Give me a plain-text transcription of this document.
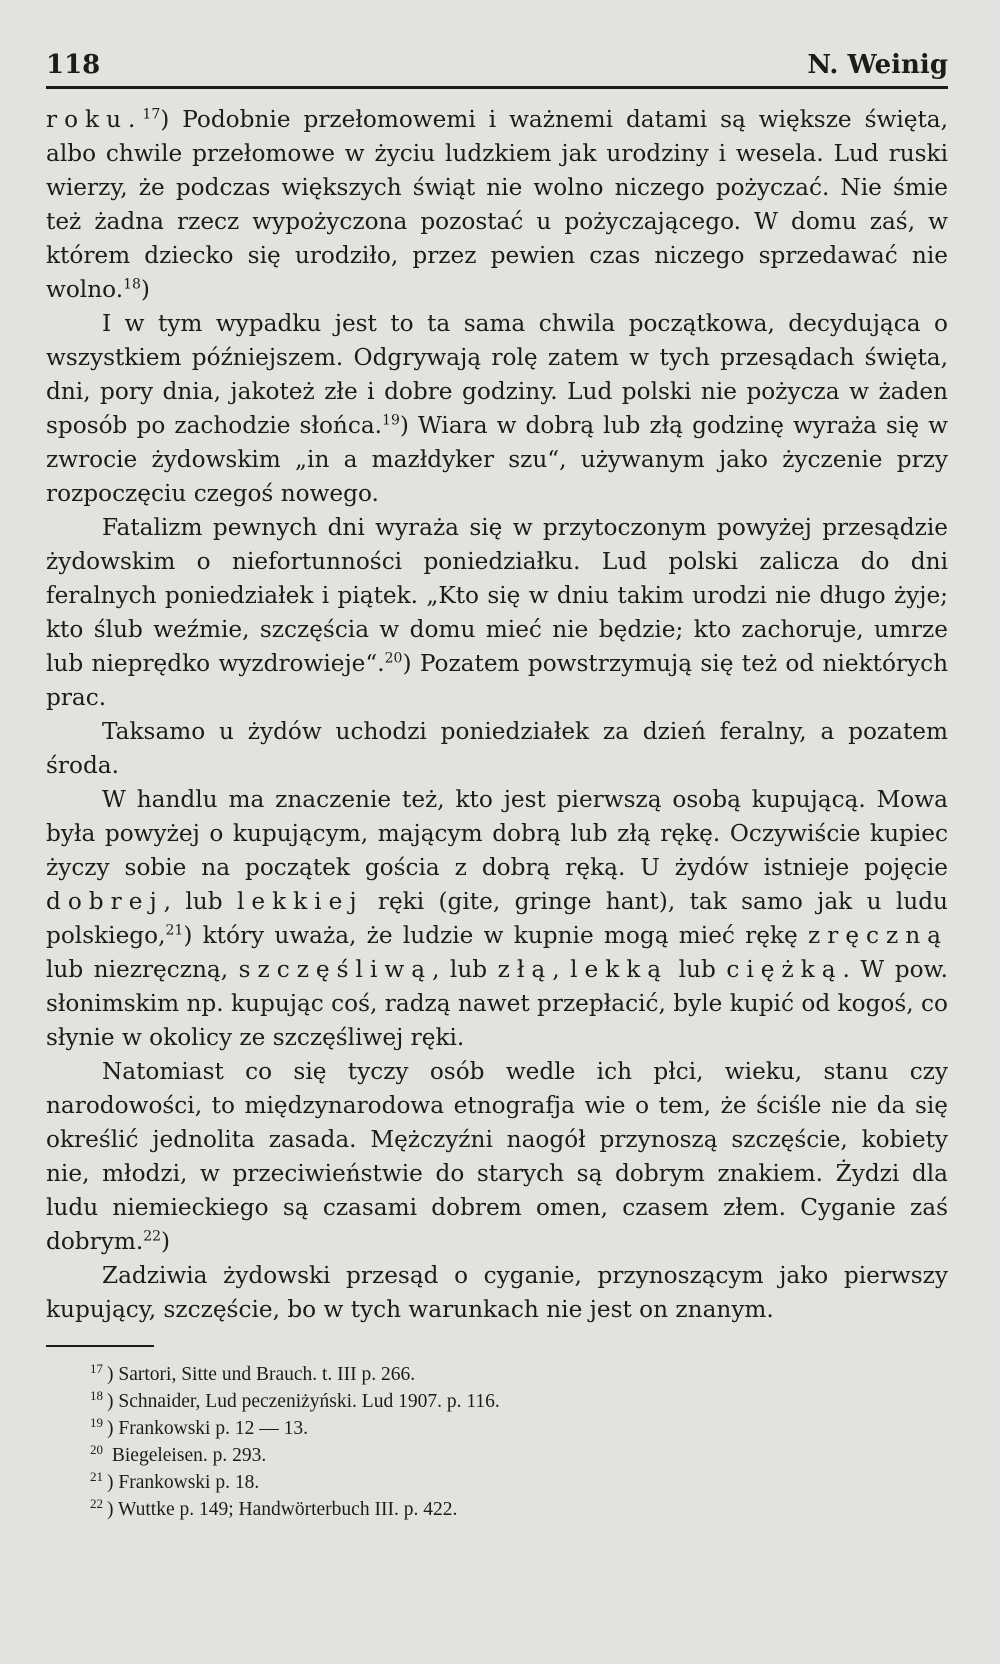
118	N. Weinig

roku.$^{17}$) Podobnie przełomowemi i ważnemi datami są większe święta, albo chwile przełomowe w życiu ludzkiem jak urodziny i wesela. Lud ruski wierzy, że podczas większych świąt nie wolno niczego pożyczać. Nie śmie też żadna rzecz wypożyczona pozostać u pożyczającego. W domu zaś, w którem dziecko się urodziło, przez pewien czas niczego sprzedawać nie wolno.$^{18}$)

I w tym wypadku jest to ta sama chwila początkowa, decydująca o wszystkiem późniejszem. Odgrywają rolę zatem w tych przesądach święta, dni, pory dnia, jakoteż złe i dobre godziny. Lud polski nie pożycza w żaden sposób po zachodzie słońca.$^{19}$) Wiara w dobrą lub złą godzinę wyraża się w zwrocie żydowskim „in a mazłdyker szu“, używanym jako życzenie przy rozpoczęciu czegoś nowego.

Fatalizm pewnych dni wyraża się w przytoczonym powyżej przesądzie żydowskim o niefortunności poniedziałku. Lud polski zalicza do dni feralnych poniedziałek i piątek. „Kto się w dniu takim urodzi nie długo żyje; kto ślub weźmie, szczęścia w domu mieć nie będzie; kto zachoruje, umrze lub nieprędko wyzdrowieje“.$^{20}$) Pozatem powstrzymują się też od niektórych prac.

Taksamo u żydów uchodzi poniedziałek za dzień feralny, a pozatem środa.

W handlu ma znaczenie też, kto jest pierwszą osobą kupującą. Mowa była powyżej o kupującym, mającym dobrą lub złą rękę. Oczywiście kupiec życzy sobie na początek gościa z dobrą ręką. U żydów istnieje pojęcie dobrej, lub lekkiej ręki (gite, gringe hant), tak samo jak u ludu polskiego,$^{21}$) który uważa, że ludzie w kupnie mogą mieć rękę zręczną lub niezręczną, szczęśliwą, lub złą, lekką lub ciężką. W pow. słonimskim np. kupując coś, radzą nawet przepłacić, byle kupić od kogoś, co słynie w okolicy ze szczęśliwej ręki.

Natomiast co się tyczy osób wedle ich płci, wieku, stanu czy narodowości, to międzynarodowa etnografja wie o tem, że ściśle nie da się określić jednolita zasada. Mężczyźni naogół przynoszą szczęście, kobiety nie, młodzi, w przeciwieństwie do starych są dobrym znakiem. Żydzi dla ludu niemieckiego są czasami dobrem omen, czasem złem. Cyganie zaś dobrym.$^{22}$)

Zadziwia żydowski przesąd o cyganie, przynoszącym jako pierwszy kupujący, szczęście, bo w tych warunkach nie jest on znanym.

$^{17}$ ) Sartori, Sitte und Brauch. t. III p. 266.
$^{18}$ ) Schnaider, Lud peczeniżyński. Lud 1907. p. 116.
$^{19}$ ) Frankowski p. 12 — 13.
$^{20}$ Biegeleisen. p. 293.
$^{21}$ ) Frankowski p. 18.
$^{22}$ ) Wuttke p. 149; Handwörterbuch III. p. 422.
